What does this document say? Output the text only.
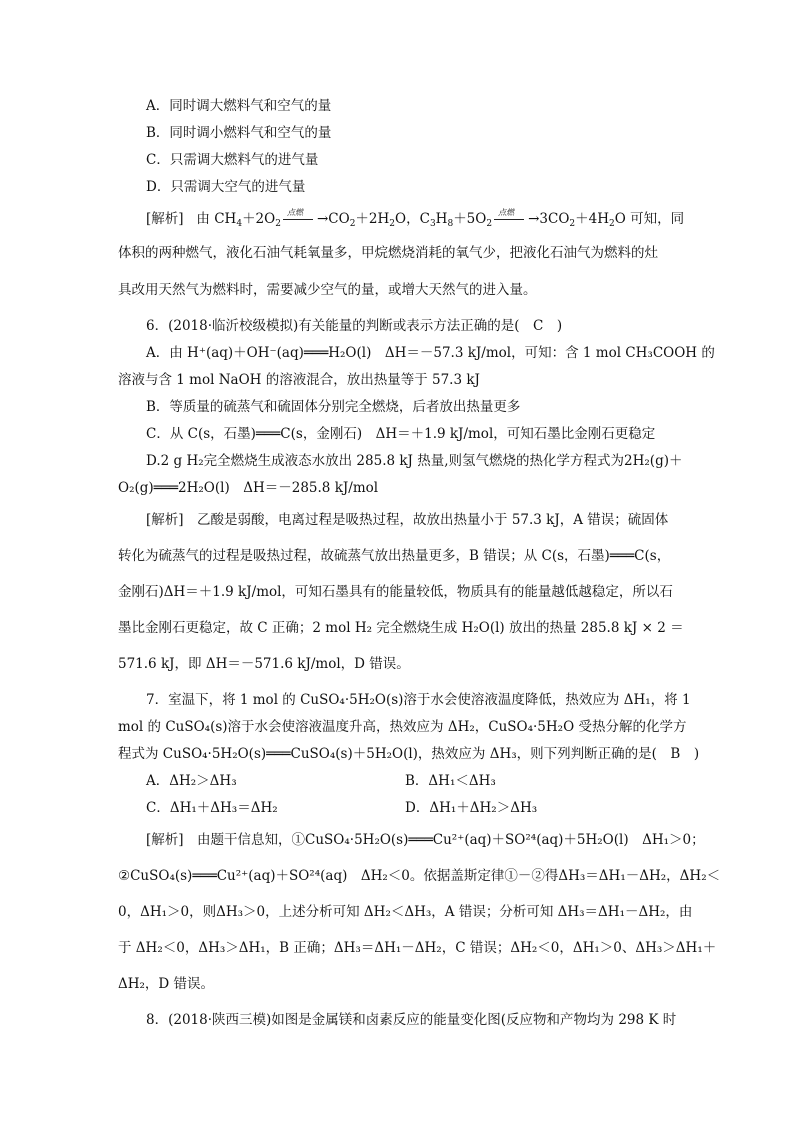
A．同时调大燃料气和空气的量
B．同时调小燃料气和空气的量
C．只需调大燃料气的进气量
D．只需调大空气的进气量
[解析] 由 $CH_4+2O_2$
点燃 $\to CO_2+2H_2O$，$C_3H_8+5O_2$
点燃 $\to 3CO_2+4H_2O$ 可知，同
体积的两种燃气，液化石油气耗氧量多，甲烷燃烧消耗的氧气少，把液化石油气为燃料的灶
具改用天然气为燃料时，需要减少空气的量，或增大天然气的进入量。
6．(2018·临沂校级模拟)有关能量的判断或表示方法正确的是(　C　)
A．由 H⁺(aq)＋OH⁻(aq)═══H₂O(l)　ΔH＝－57.3 kJ/mol，可知：含 1 mol CH₃COOH 的
溶液与含 1 mol NaOH 的溶液混合，放出热量等于 57.3 kJ
B．等质量的硫蒸气和硫固体分别完全燃烧，后者放出热量更多
C．从 C(s，石墨)═══C(s，金刚石)　ΔH＝＋1.9 kJ/mol，可知石墨比金刚石更稳定
D.2 g H₂完全燃烧生成液态水放出 285.8 kJ 热量,则氢气燃烧的热化学方程式为2H₂(g)＋
O₂(g)═══2H₂O(l)　ΔH＝－285.8 kJ/mol
[解析]　乙酸是弱酸，电离过程是吸热过程，故放出热量小于 57.3 kJ，A 错误；硫固体
转化为硫蒸气的过程是吸热过程，故硫蒸气放出热量更多，B 错误；从 C(s，石墨)═══C(s，
金刚石)ΔH＝＋1.9 kJ/mol，可知石墨具有的能量较低，物质具有的能量越低越稳定，所以石
墨比金刚石更稳定，故 C 正确；2 mol H₂ 完全燃烧生成 H₂O(l) 放出的热量 285.8 kJ × 2 ＝
571.6 kJ，即 ΔH＝－571.6 kJ/mol，D 错误。
7．室温下，将 1 mol 的 CuSO₄·5H₂O(s)溶于水会使溶液温度降低，热效应为 ΔH₁，将 1
mol 的 CuSO₄(s)溶于水会使溶液温度升高，热效应为 ΔH₂，CuSO₄·5H₂O 受热分解的化学方
程式为 CuSO₄·5H₂O(s)═══CuSO₄(s)＋5H₂O(l)，热效应为 ΔH₃，则下列判断正确的是(　B　)
A．ΔH₂＞ΔH₃	B．ΔH₁＜ΔH₃
C．ΔH₁＋ΔH₃＝ΔH₂	D．ΔH₁＋ΔH₂＞ΔH₃
[解析]　由题干信息知，①CuSO₄·5H₂O(s)═══Cu²⁺(aq)＋SO²⁴(aq)＋5H₂O(l)　ΔH₁＞0；
②CuSO₄(s)═══Cu²⁺(aq)＋SO²⁴(aq)　ΔH₂＜0。依据盖斯定律①－②得ΔH₃＝ΔH₁－ΔH₂，ΔH₂＜
0，ΔH₁＞0，则ΔH₃＞0，上述分析可知 ΔH₂＜ΔH₃，A 错误；分析可知 ΔH₃＝ΔH₁－ΔH₂，由
于 ΔH₂＜0，ΔH₃＞ΔH₁，B 正确；ΔH₃＝ΔH₁－ΔH₂，C 错误；ΔH₂＜0，ΔH₁＞0、ΔH₃＞ΔH₁＋
ΔH₂，D 错误。
8．(2018·陕西三模)如图是金属镁和卤素反应的能量变化图(反应物和产物均为 298 K 时
